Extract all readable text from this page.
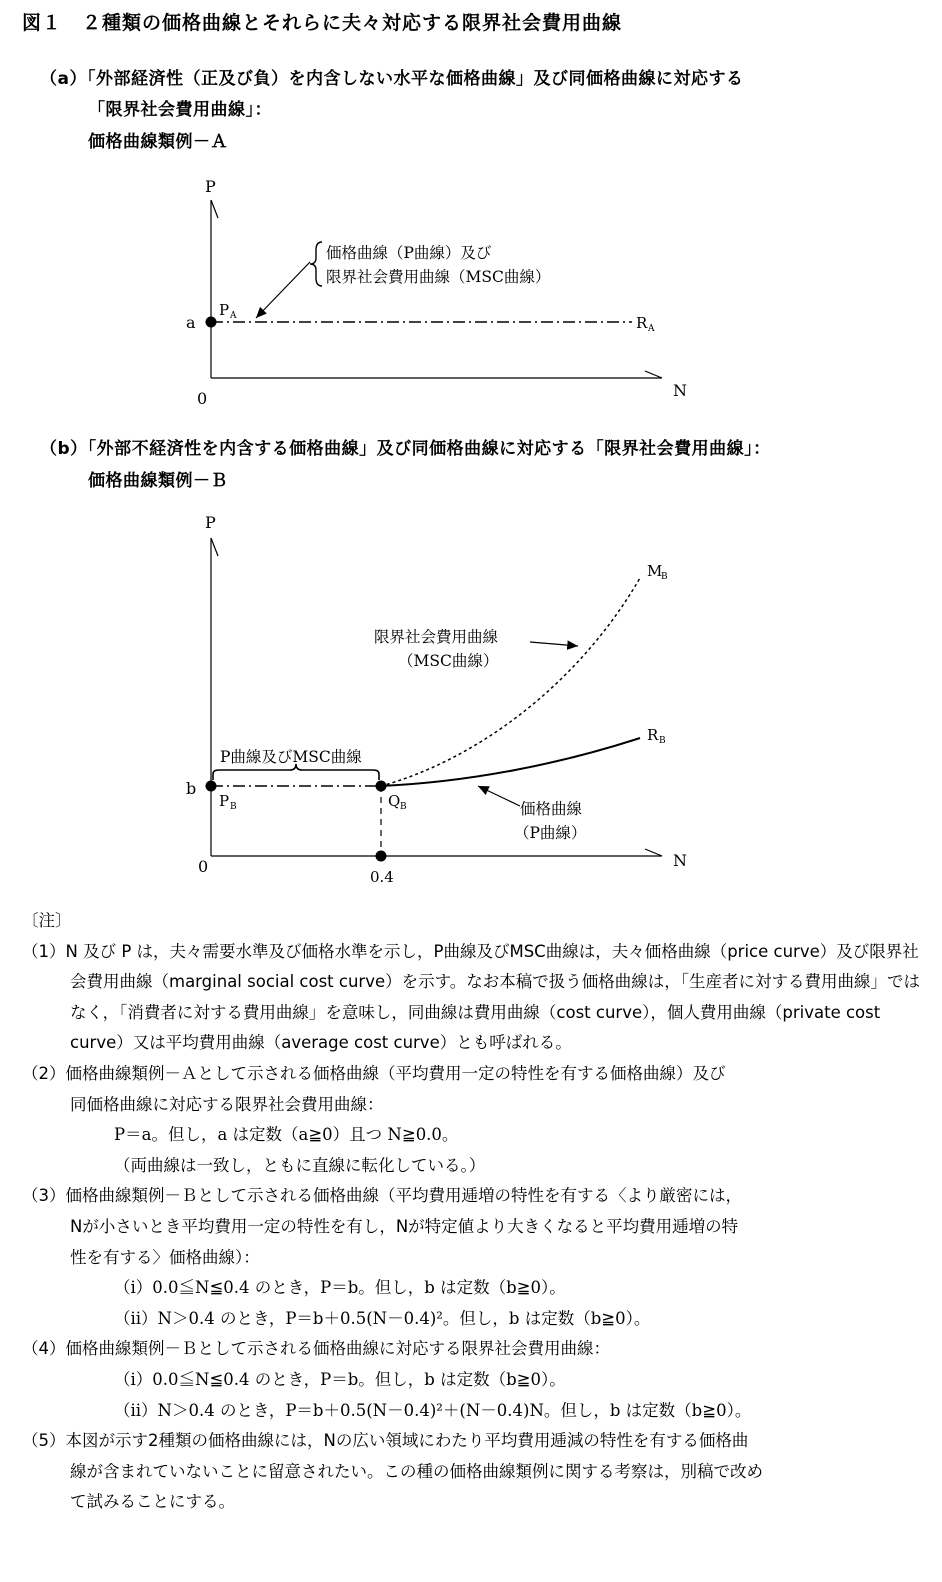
図１　２種類の価格曲線とそれらに夫々対応する限界社会費用曲線
（a）「外部経済性（正及び負）を内含しない水平な価格曲線」及び同価格曲線に対応する
「限界社会費用曲線」：
価格曲線類例－Ａ
P
N
0
a
P A	R A
価格曲線（P曲線）及び
限界社会費用曲線（MSC曲線）
（b）「外部不経済性を内含する価格曲線」及び同価格曲線に対応する「限界社会費用曲線」：
価格曲線類例－Ｂ
P
N
0
b
P B	Q B
0.4
P曲線及びMSC曲線
限界社会費用曲線
（MSC曲線）
M
B
価格曲線
（P曲線）
R B

〔注〕

（1）N 及び P は，夫々需要水準及び価格水準を示し，P曲線及びMSC曲線は，夫々価格曲線（price curve）及び限界社会費用曲線（marginal social cost curve）を示す。なお本稿で扱う価格曲線は，「生産者に対する費用曲線」ではなく，「消費者に対する費用曲線」を意味し，同曲線は費用曲線（cost curve），個人費用曲線（private cost curve）又は平均費用曲線（average cost curve）とも呼ばれる。

（2）価格曲線類例－Ａとして示される価格曲線（平均費用一定の特性を有する価格曲線）及び

同価格曲線に対応する限界社会費用曲線：

P＝a。但し，a は定数（a≧0）且つ N≧0.0。

（両曲線は一致し，ともに直線に転化している。）

（3）価格曲線類例－Ｂとして示される価格曲線（平均費用逓増の特性を有する〈より厳密には，

Nが小さいとき平均費用一定の特性を有し，Nが特定値より大きくなると平均費用逓増の特

性を有する〉価格曲線）：

（ⅰ）0.0≦N≦0.4 のとき，P＝b。但し，b は定数（b≧0）。

（ⅱ）N＞0.4 のとき，P＝b＋0.5(N－0.4)²。但し，b は定数（b≧0）。

（4）価格曲線類例－Ｂとして示される価格曲線に対応する限界社会費用曲線：

（ⅰ）0.0≦N≦0.4 のとき，P＝b。但し，b は定数（b≧0）。

（ⅱ）N＞0.4 のとき，P＝b＋0.5(N－0.4)²＋(N－0.4)N。但し，b は定数（b≧0）。

（5）本図が示す2種類の価格曲線には，Nの広い領域にわたり平均費用逓減の特性を有する価格曲

線が含まれていないことに留意されたい。この種の価格曲線類例に関する考察は，別稿で改め

て試みることにする。
